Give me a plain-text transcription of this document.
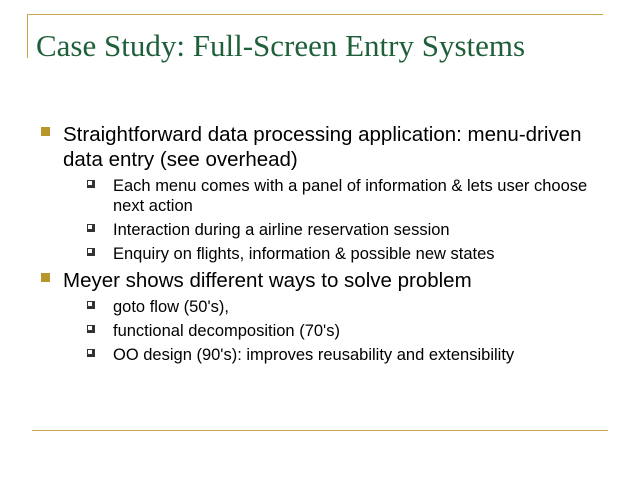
Case Study: Full-Screen Entry Systems
Straightforward data processing application: menu-driven data entry (see overhead)
Each menu comes with a panel of information & lets user choose next action
Interaction during a airline reservation session
Enquiry on flights, information & possible new states
Meyer shows different ways to solve problem
goto flow (50's),
functional decomposition (70's)
OO design (90's): improves reusability and extensibility
